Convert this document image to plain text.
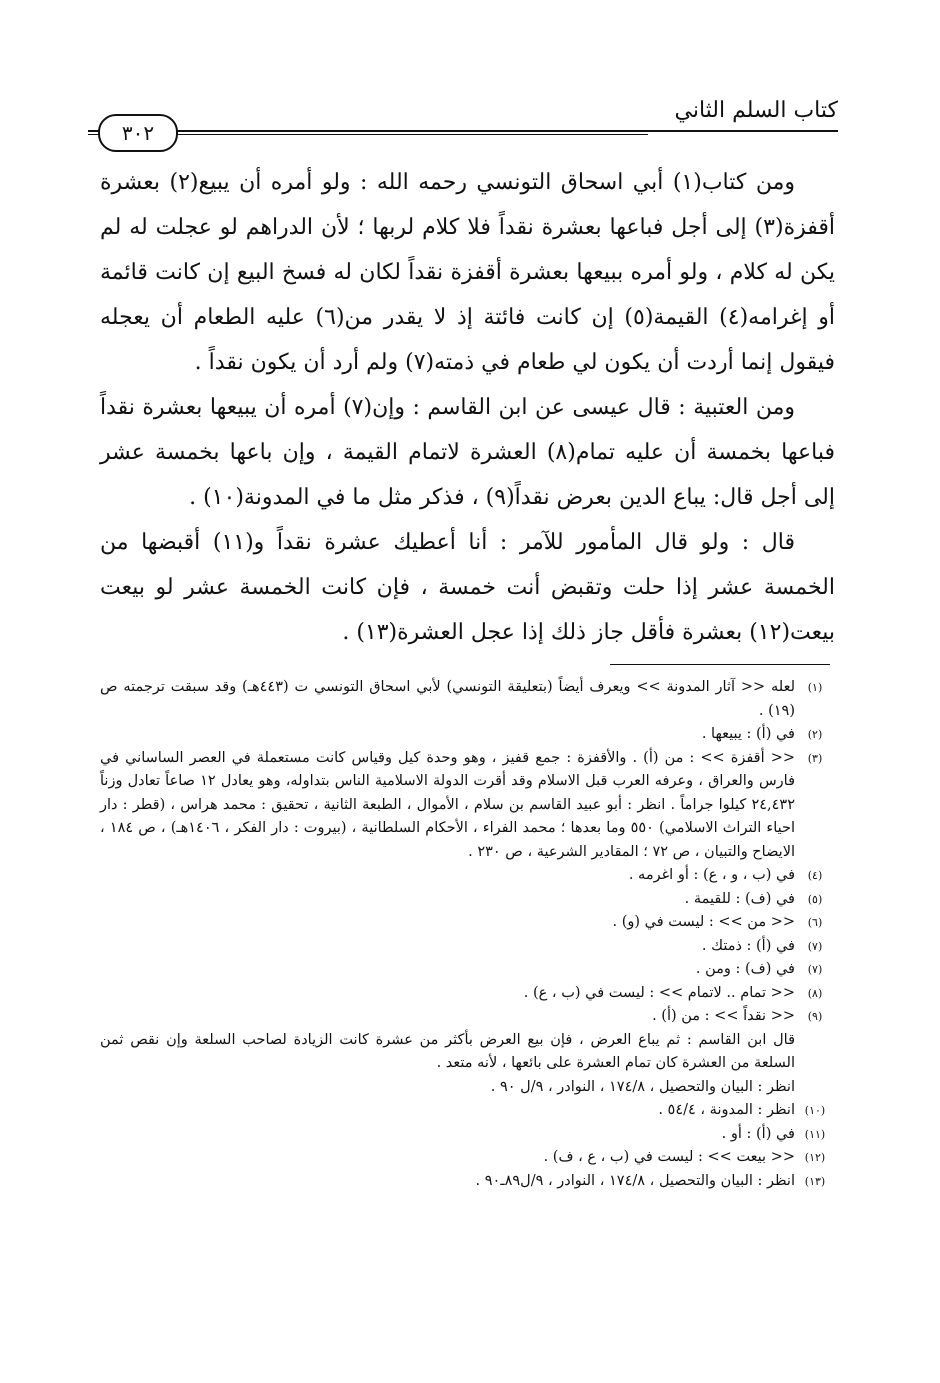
كتاب السلم الثاني
٣٠٢

ومن كتاب(١) أبي اسحاق التونسي رحمه الله : ولو أمره أن يبيع(٢) بعشرة أقفزة(٣) إلى أجل فباعها بعشرة نقداً فلا كلام لربها ؛ لأن الدراهم لو عجلت له لم يكن له كلام ، ولو أمره ببيعها بعشرة أقفزة نقداً لكان له فسخ البيع إن كانت قائمة أو إغرامه(٤) القيمة(٥) إن كانت فائتة إذ لا يقدر من(٦) عليه الطعام أن يعجله فيقول إنما أردت أن يكون لي طعام في ذمته(٧) ولم أرد أن يكون نقداً .

ومن العتبية : قال عيسى عن ابن القاسم : وإن(٧) أمره أن يبيعها بعشرة نقداً فباعها بخمسة أن عليه تمام(٨) العشرة لاتمام القيمة ، وإن باعها بخمسة عشر إلى أجل قال: يباع الدين بعرض نقداً(٩) ، فذكر مثل ما في المدونة(١٠) .

قال : ولو قال المأمور للآمر : أنا أعطيك عشرة نقداً و(١١) أقبضها من الخمسة عشر إذا حلت وتقبض أنت خمسة ، فإن كانت الخمسة عشر لو بيعت بيعت(١٢) بعشرة فأقل جاز ذلك إذا عجل العشرة(١٣) .

(١)
لعله << آثار المدونة >> ويعرف أيضاً (بتعليقة التونسي) لأبي اسحاق التونسي ت (٤٤٣هـ) وقد سبقت ترجمته ص (١٩) .
(٢)
في (أ) : يبيعها .
(٣)
<< أقفزة >> : من (أ) . والأقفزة : جمع قفيز ، وهو وحدة كيل وقياس كانت مستعملة في العصر الساساني في فارس والعراق ، وعرفه العرب قبل الاسلام وقد أقرت الدولة الاسلامية الناس بتداوله، وهو يعادل ١٢ صاعاً تعادل وزناً ٢٤,٤٣٢ كيلوا جراماً . انظر : أبو عبيد القاسم بن سلام ، الأموال ، الطبعة الثانية ، تحقيق : محمد هراس ، (قطر : دار احياء التراث الاسلامي) ٥٥٠ وما بعدها ؛ محمد الفراء ، الأحكام السلطانية ، (بيروت : دار الفكر ، ١٤٠٦هـ) ، ص ١٨٤ ، الايضاح والتبيان ، ص ٧٢ ؛ المقادير الشرعية ، ص ٢٣٠ .
(٤)
في (ب ، و ، ع) : أو اغرمه .
(٥)
في (ف) : للقيمة .
(٦)
<< من >> : ليست في (و) .
(٧)
في (أ) : ذمتك .
(٧)
في (ف) : ومن .
(٨)
<< تمام .. لاتمام >> : ليست في (ب ، ع) .
(٩)
<< نقداً >> : من (أ) .
قال ابن القاسم : ثم يباع العرض ، فإن بيع العرض بأكثر من عشرة كانت الزيادة لصاحب السلعة وإن نقص ثمن السلعة من العشرة كان تمام العشرة على بائعها ، لأنه متعد .
انظر : البيان والتحصيل ، ١٧٤/٨ ، النوادر ، ٩/ل ٩٠ .
(١٠)
انظر : المدونة ، ٥٤/٤ .
(١١)
في (أ) : أو .
(١٢)
<< بيعت >> : ليست في (ب ، ع ، ف) .
(١٣)
انظر : البيان والتحصيل ، ١٧٤/٨ ، النوادر ، ٩/ل٨٩ـ٩٠ .
